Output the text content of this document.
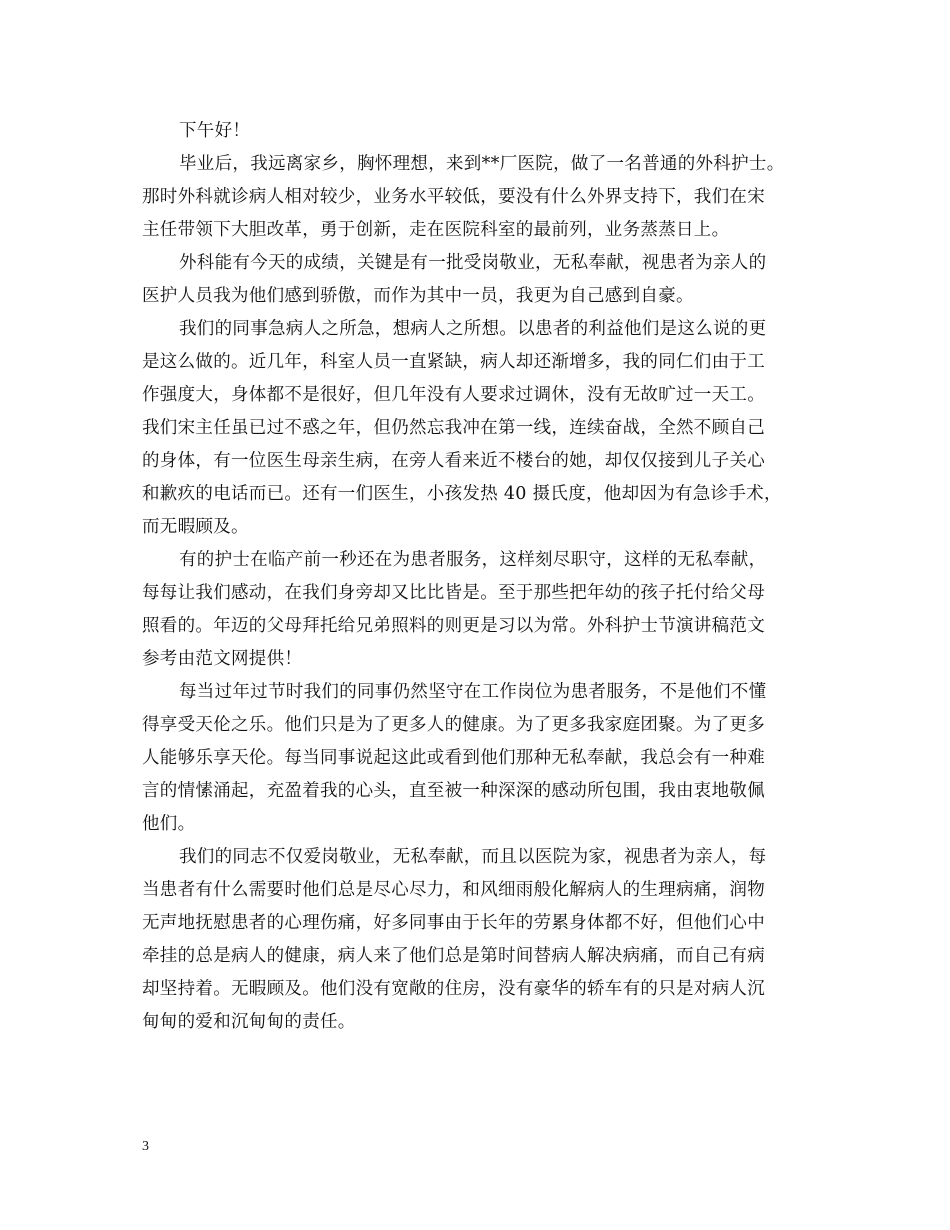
下午好！
毕业后，我远离家乡，胸怀理想，来到**厂医院，做了一名普通的外科护士。
那时外科就诊病人相对较少，业务水平较低，要没有什么外界支持下，我们在宋
主任带领下大胆改革，勇于创新，走在医院科室的最前列，业务蒸蒸日上。
外科能有今天的成绩，关键是有一批受岗敬业，无私奉献，视患者为亲人的
医护人员我为他们感到骄傲，而作为其中一员，我更为自己感到自豪。
我们的同事急病人之所急，想病人之所想。以患者的利益他们是这么说的更
是这么做的。近几年，科室人员一直紧缺，病人却还渐增多，我的同仁们由于工
作强度大，身体都不是很好，但几年没有人要求过调休，没有无故旷过一天工。
我们宋主任虽已过不惑之年，但仍然忘我冲在第一线，连续奋战，全然不顾自己
的身体，有一位医生母亲生病，在旁人看来近不楼台的她，却仅仅接到儿子关心
和歉疚的电话而已。还有一们医生，小孩发热 40 摄氏度，他却因为有急诊手术，
而无暇顾及。
有的护士在临产前一秒还在为患者服务，这样刻尽职守，这样的无私奉献，
每每让我们感动，在我们身旁却又比比皆是。至于那些把年幼的孩子托付给父母
照看的。年迈的父母拜托给兄弟照料的则更是习以为常。外科护士节演讲稿范文
参考由范文网提供！
每当过年过节时我们的同事仍然坚守在工作岗位为患者服务，不是他们不懂
得享受天伦之乐。他们只是为了更多人的健康。为了更多我家庭团聚。为了更多
人能够乐享天伦。每当同事说起这此或看到他们那种无私奉献，我总会有一种难
言的情愫涌起，充盈着我的心头，直至被一种深深的感动所包围，我由衷地敬佩
他们。
我们的同志不仅爱岗敬业，无私奉献，而且以医院为家，视患者为亲人，每
当患者有什么需要时他们总是尽心尽力，和风细雨般化解病人的生理病痛，润物
无声地抚慰患者的心理伤痛，好多同事由于长年的劳累身体都不好，但他们心中
牵挂的总是病人的健康，病人来了他们总是第时间替病人解决病痛，而自己有病
却坚持着。无暇顾及。他们没有宽敞的住房，没有豪华的轿车有的只是对病人沉
甸甸的爱和沉甸甸的责任。
3
